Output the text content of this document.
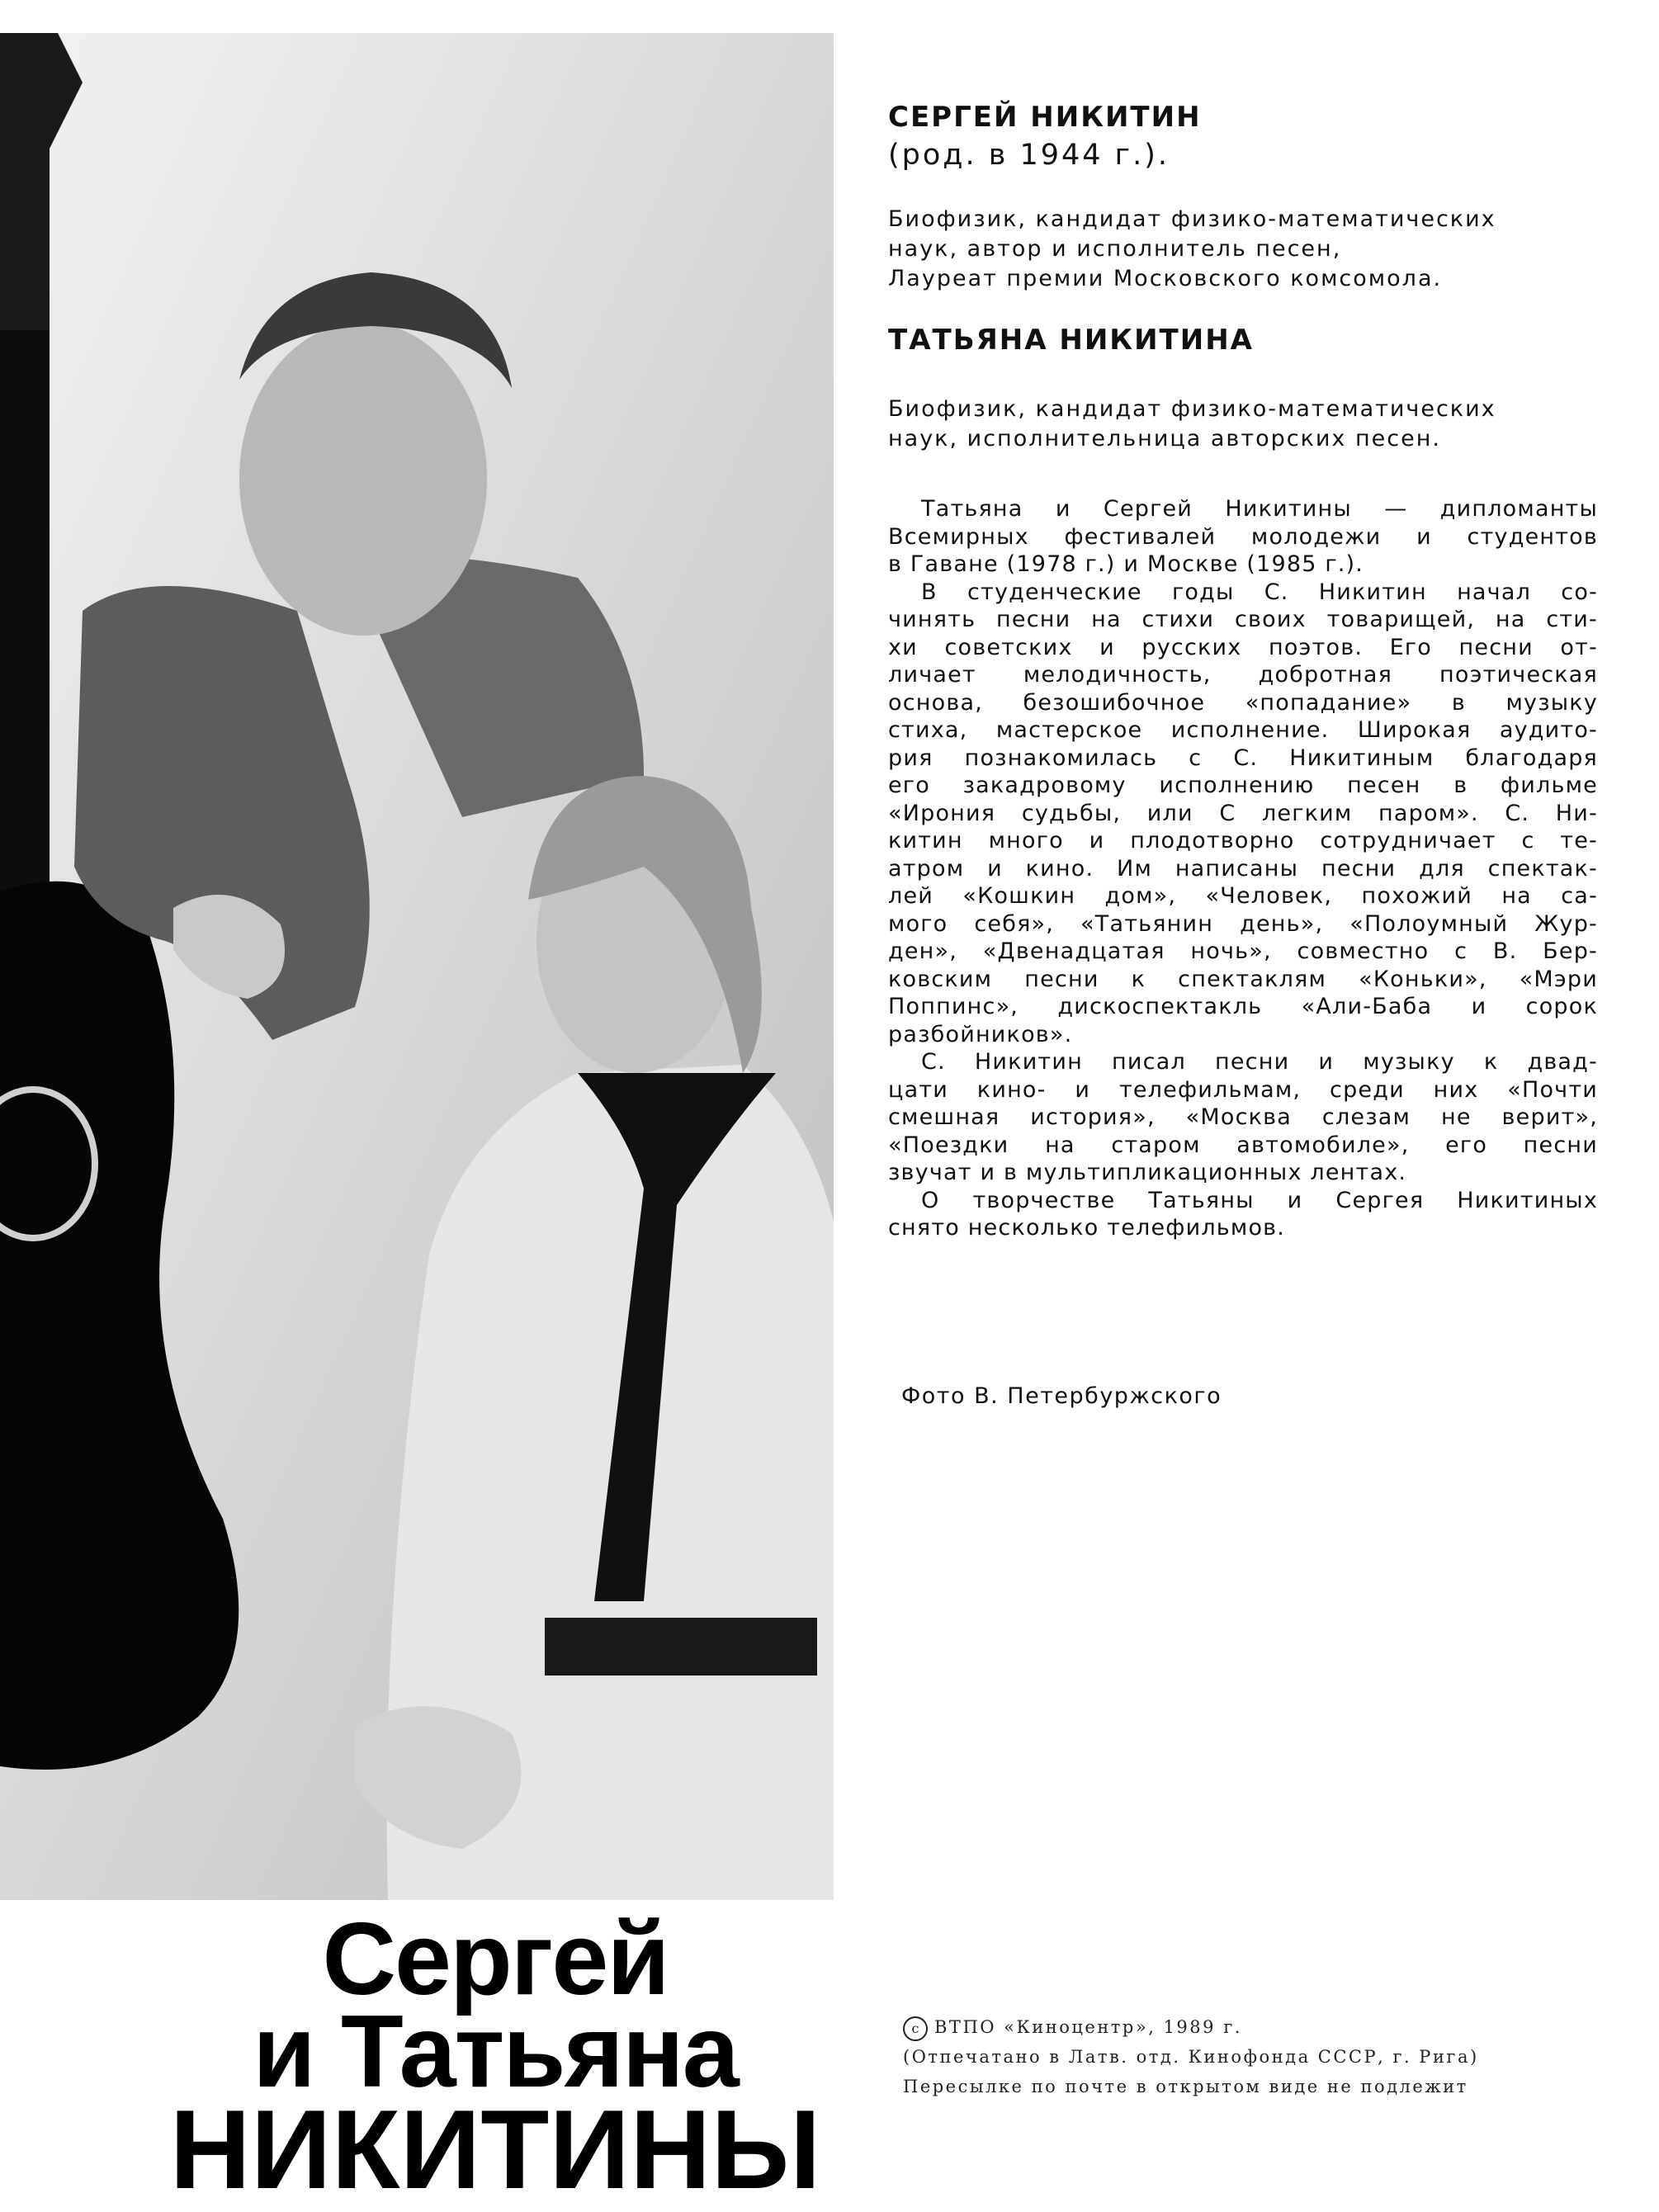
Сергей
и Татьяна
НИКИТИНЫ
СЕРГЕЙ НИКИТИН
(род. в 1944 г.).
Биофизик, кандидат физико-математических
наук, автор и исполнитель песен,
Лауреат премии Московского комсомола.
ТАТЬЯНА НИКИТИНА
Биофизик, кандидат физико-математических
наук, исполнительница авторских песен.
Татьяна и Сергей Никитины — дипломанты
Всемирных фестивалей молодежи и студентов
в Гаване (1978 г.) и Москве (1985 г.).
В студенческие годы С. Никитин начал со-
чинять песни на стихи своих товарищей, на сти-
хи советских и русских поэтов. Его песни от-
личает мелодичность, добротная поэтическая
основа, безошибочное «попадание» в музыку
стиха, мастерское исполнение. Широкая аудито-
рия познакомилась с С. Никитиным благодаря
его закадровому исполнению песен в фильме
«Ирония судьбы, или С легким паром». С. Ни-
китин много и плодотворно сотрудничает с те-
атром и кино. Им написаны песни для спектак-
лей «Кошкин дом», «Человек, похожий на са-
мого себя», «Татьянин день», «Полоумный Жур-
ден», «Двенадцатая ночь», совместно с В. Бер-
ковским песни к спектаклям «Коньки», «Мэри
Поппинс», дискоспектакль «Али-Баба и сорок
разбойников».
С. Никитин писал песни и музыку к двад-
цати кино- и телефильмам, среди них «Почти
смешная история», «Москва слезам не верит»,
«Поездки на старом автомобиле», его песни
звучат и в мультипликационных лентах.
О творчестве Татьяны и Сергея Никитиных
снято несколько телефильмов.
Фото В. Петербуржского
c ВТПО «Киноцентр», 1989 г.
(Отпечатано в Латв. отд. Кинофонда СССР, г. Рига)
Пересылке по почте в открытом виде не подлежит
